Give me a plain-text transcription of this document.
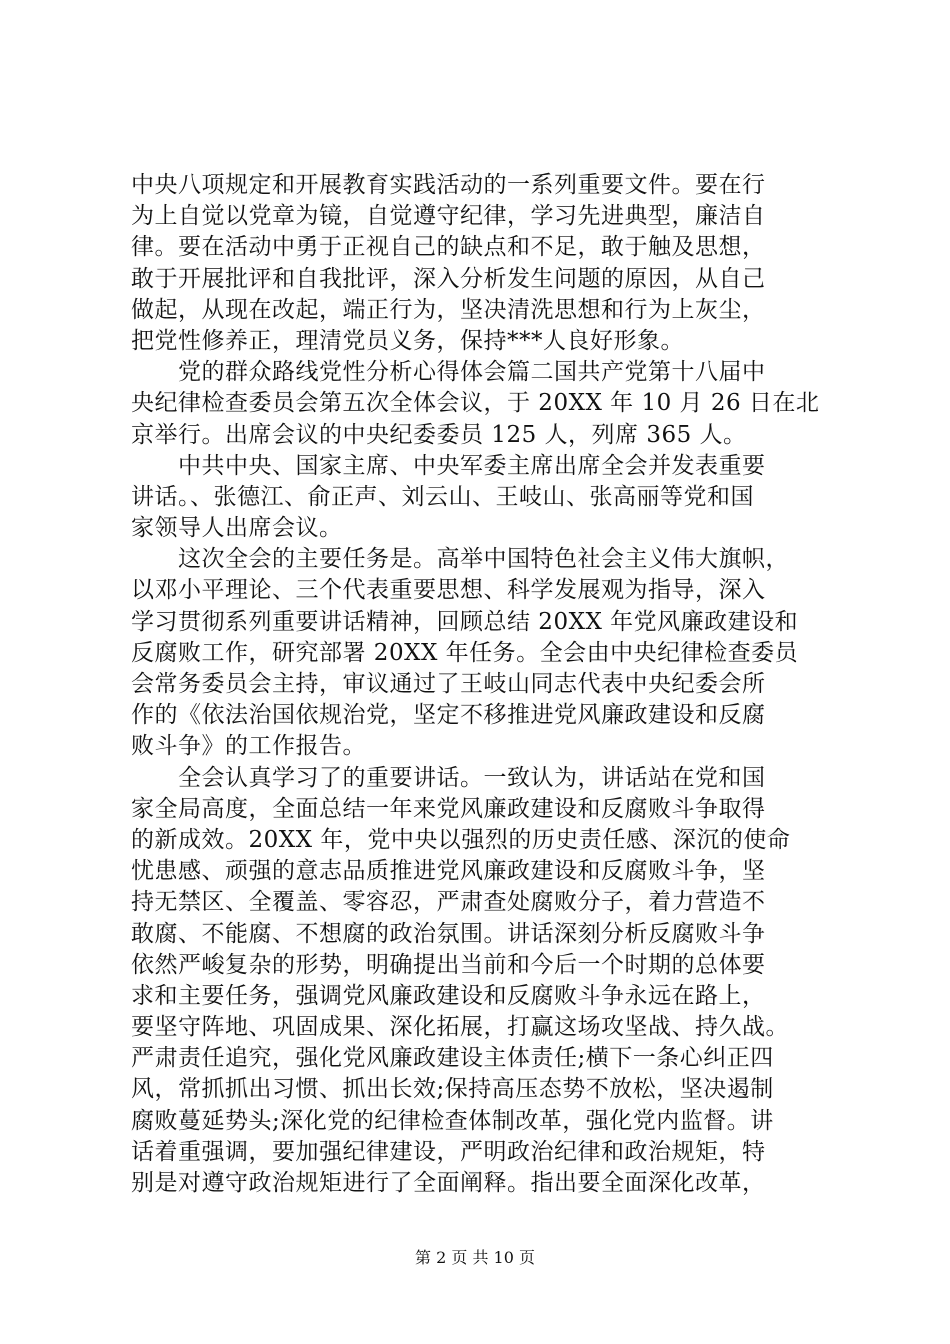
中央八项规定和开展教育实践活动的一系列重要文件。要在行
为上自觉以党章为镜，自觉遵守纪律，学习先进典型，廉洁自
律。要在活动中勇于正视自己的缺点和不足，敢于触及思想，
敢于开展批评和自我批评，深入分析发生问题的原因，从自己
做起，从现在改起，端正行为，坚决清洗思想和行为上灰尘，
把党性修养正，理清党员义务，保持***人良好形象。
　　党的群众路线党性分析心得体会篇二国共产党第十八届中
央纪律检查委员会第五次全体会议，于 20XX 年 10 月 26 日在北
京举行。出席会议的中央纪委委员 125 人，列席 365 人。
　　中共中央、国家主席、中央军委主席出席全会并发表重要
讲话。、张德江、俞正声、刘云山、王岐山、张高丽等党和国
家领导人出席会议。
　　这次全会的主要任务是。高举中国特色社会主义伟大旗帜，
以邓小平理论、三个代表重要思想、科学发展观为指导，深入
学习贯彻系列重要讲话精神，回顾总结 20XX 年党风廉政建设和
反腐败工作，研究部署 20XX 年任务。全会由中央纪律检查委员
会常务委员会主持，审议通过了王岐山同志代表中央纪委会所
作的《依法治国依规治党，坚定不移推进党风廉政建设和反腐
败斗争》的工作报告。
　　全会认真学习了的重要讲话。一致认为，讲话站在党和国
家全局高度，全面总结一年来党风廉政建设和反腐败斗争取得
的新成效。20XX 年，党中央以强烈的历史责任感、深沉的使命
忧患感、顽强的意志品质推进党风廉政建设和反腐败斗争，坚
持无禁区、全覆盖、零容忍，严肃查处腐败分子，着力营造不
敢腐、不能腐、不想腐的政治氛围。讲话深刻分析反腐败斗争
依然严峻复杂的形势，明确提出当前和今后一个时期的总体要
求和主要任务，强调党风廉政建设和反腐败斗争永远在路上，
要坚守阵地、巩固成果、深化拓展，打赢这场攻坚战、持久战。
严肃责任追究，强化党风廉政建设主体责任;横下一条心纠正四
风，常抓抓出习惯、抓出长效;保持高压态势不放松，坚决遏制
腐败蔓延势头;深化党的纪律检查体制改革，强化党内监督。讲
话着重强调，要加强纪律建设，严明政治纪律和政治规矩，特
别是对遵守政治规矩进行了全面阐释。指出要全面深化改革，
第 2 页 共 10 页
